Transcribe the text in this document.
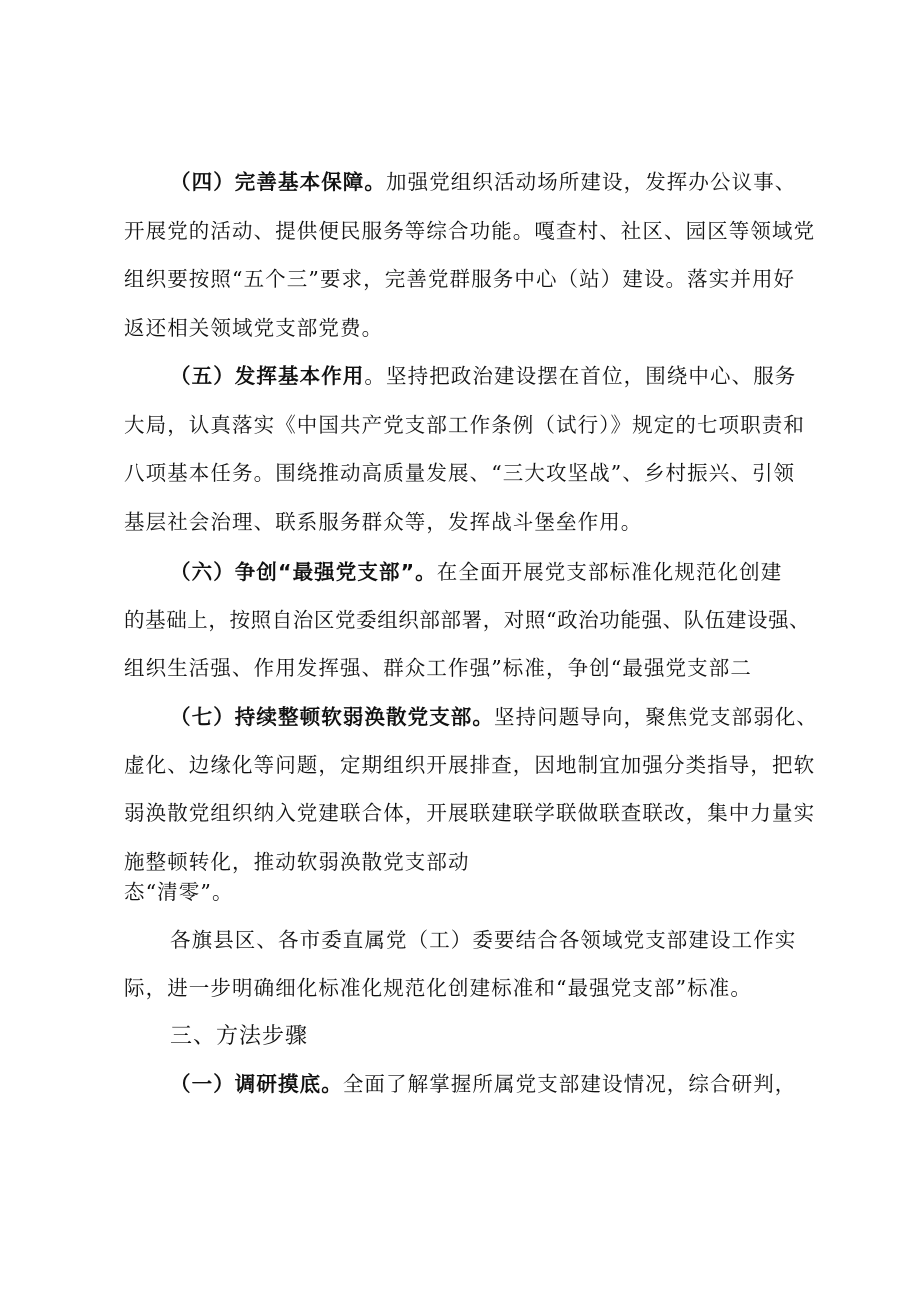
（四）完善基本保障。加强党组织活动场所建设，发挥办公议事、
开展党的活动、提供便民服务等综合功能。嘎查村、社区、园区等领域党
组织要按照“五个三”要求，完善党群服务中心（站）建设。落实并用好
返还相关领域党支部党费。
（五）发挥基本作用。坚持把政治建设摆在首位，围绕中心、服务
大局，认真落实《中国共产党支部工作条例（试行）》规定的七项职责和
八项基本任务。围绕推动高质量发展、“三大攻坚战”、乡村振兴、引领
基层社会治理、联系服务群众等，发挥战斗堡垒作用。
（六）争创“最强党支部”。在全面开展党支部标准化规范化创建
的基础上，按照自治区党委组织部部署，对照“政治功能强、队伍建设强、
组织生活强、作用发挥强、群众工作强”标准，争创“最强党支部二
（七）持续整顿软弱涣散党支部。坚持问题导向，聚焦党支部弱化、
虚化、边缘化等问题，定期组织开展排查，因地制宜加强分类指导，把软
弱涣散党组织纳入党建联合体，开展联建联学联做联查联改，集中力量实
施整顿转化，推动软弱涣散党支部动
态“清零”。
各旗县区、各市委直属党（工）委要结合各领域党支部建设工作实
际，进一步明确细化标准化规范化创建标准和“最强党支部”标准。
三、方法步骤
（一）调研摸底。全面了解掌握所属党支部建设情况，综合研判，
